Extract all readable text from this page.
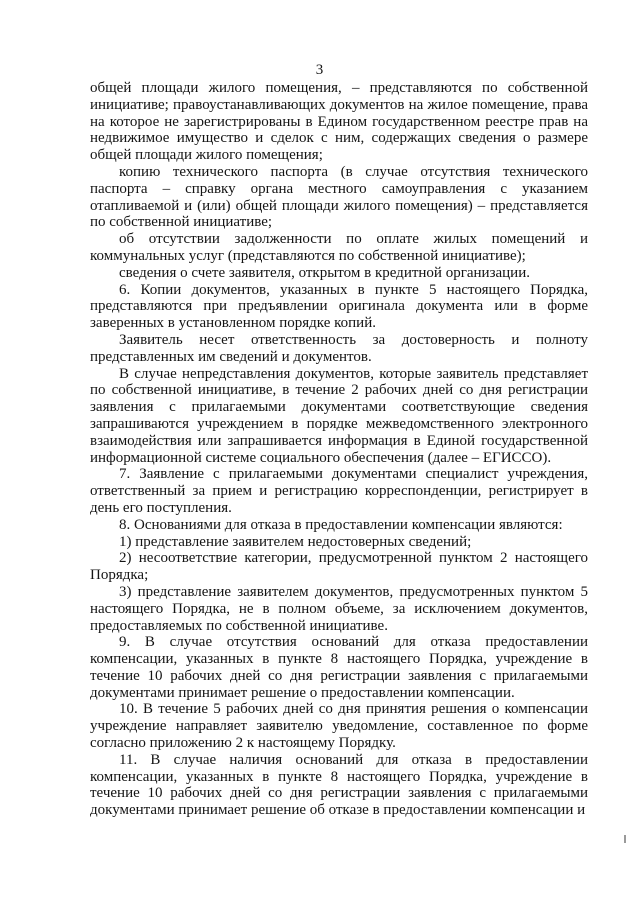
3

общей площади жилого помещения, – представляются по собственной инициативе; правоустанавливающих документов на жилое помещение, права на которое не зарегистрированы в Едином государственном реестре прав на недвижимое имущество и сделок с ним, содержащих сведения о размере общей площади жилого помещения;

копию технического паспорта (в случае отсутствия технического паспорта – справку органа местного самоуправления с указанием отапливаемой и (или) общей площади жилого помещения) – представляется по собственной инициативе;

об отсутствии задолженности по оплате жилых помещений и коммунальных услуг (представляются по собственной инициативе);

сведения о счете заявителя, открытом в кредитной организации.

6. Копии документов, указанных в пункте 5 настоящего Порядка, представляются при предъявлении оригинала документа или в форме заверенных в установленном порядке копий.

Заявитель несет ответственность за достоверность и полноту представленных им сведений и документов.

В случае непредставления документов, которые заявитель представляет по собственной инициативе, в течение 2 рабочих дней со дня регистрации заявления с прилагаемыми документами соответствующие сведения запрашиваются учреждением в порядке межведомственного электронного взаимодействия или запрашивается информация в Единой государственной информационной системе социального обеспечения (далее – ЕГИССО).

7. Заявление с прилагаемыми документами специалист учреждения, ответственный за прием и регистрацию корреспонденции, регистрирует в день его поступления.

8. Основаниями для отказа в предоставлении компенсации являются:

1) представление заявителем недостоверных сведений;

2) несоответствие категории, предусмотренной пунктом 2 настоящего Порядка;

3) представление заявителем документов, предусмотренных пунктом 5 настоящего Порядка, не в полном объеме, за исключением документов, предоставляемых по собственной инициативе.

9. В случае отсутствия оснований для отказа предоставлении компенсации, указанных в пункте 8 настоящего Порядка, учреждение в течение 10 рабочих дней со дня регистрации заявления с прилагаемыми документами принимает решение о предоставлении компенсации.

10. В течение 5 рабочих дней со дня принятия решения о компенсации учреждение направляет заявителю уведомление, составленное по форме согласно приложению 2 к настоящему Порядку.

11. В случае наличия оснований для отказа в предоставлении компенсации, указанных в пункте 8 настоящего Порядка, учреждение в течение 10 рабочих дней со дня регистрации заявления с прилагаемыми документами принимает решение об отказе в предоставлении компенсации и
